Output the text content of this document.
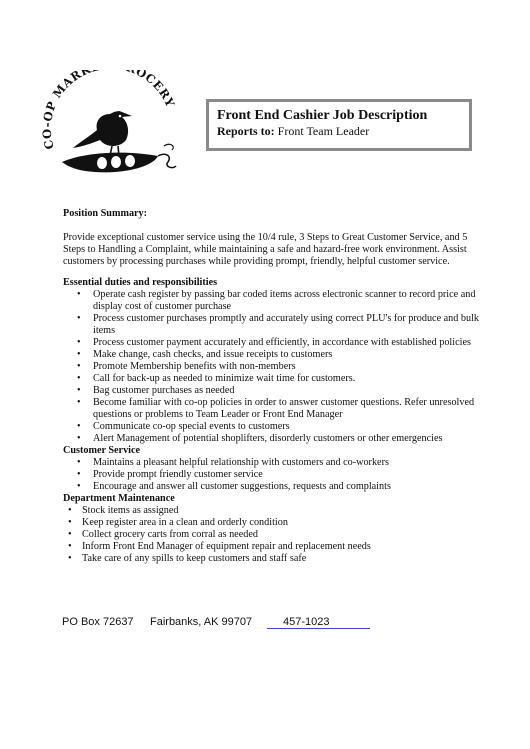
CO-OP MARK OCERY
Front End Cashier Job Description
Reports to: Front Team Leader
Position Summary:
Provide exceptional customer service using the 10/4 rule, 3 Steps to Great Customer Service, and 5 Steps to Handling a Complaint, while maintaining a safe and hazard-free work environment. Assist customers by processing purchases while providing prompt, friendly, helpful customer service.
Essential duties and responsibilities
• Operate cash register by passing bar coded items across electronic scanner to record price and display cost of customer purchase
• Process customer purchases promptly and accurately using correct PLU's for produce and bulk items
• Process customer payment accurately and efficiently, in accordance with established policies
• Make change, cash checks, and issue receipts to customers
• Promote Membership benefits with non-members
• Call for back-up as needed to minimize wait time for customers.
• Bag customer purchases as needed
• Become familiar with co-op policies in order to answer customer questions. Refer unresolved questions or problems to Team Leader or Front End Manager
• Communicate co-op special events to customers
• Alert Management of potential shoplifters, disorderly customers or other emergencies
Customer Service
• Maintains a pleasant helpful relationship with customers and co-workers
• Provide prompt friendly customer service
• Encourage and answer all customer suggestions, requests and complaints
Department Maintenance
• Stock items as assigned
• Keep register area in a clean and orderly condition
• Collect grocery carts from corral as needed
• Inform Front End Manager of equipment repair and replacement needs
• Take care of any spills to keep customers and staff safe
PO Box 72637 Fairbanks, AK 99707	457-1023
